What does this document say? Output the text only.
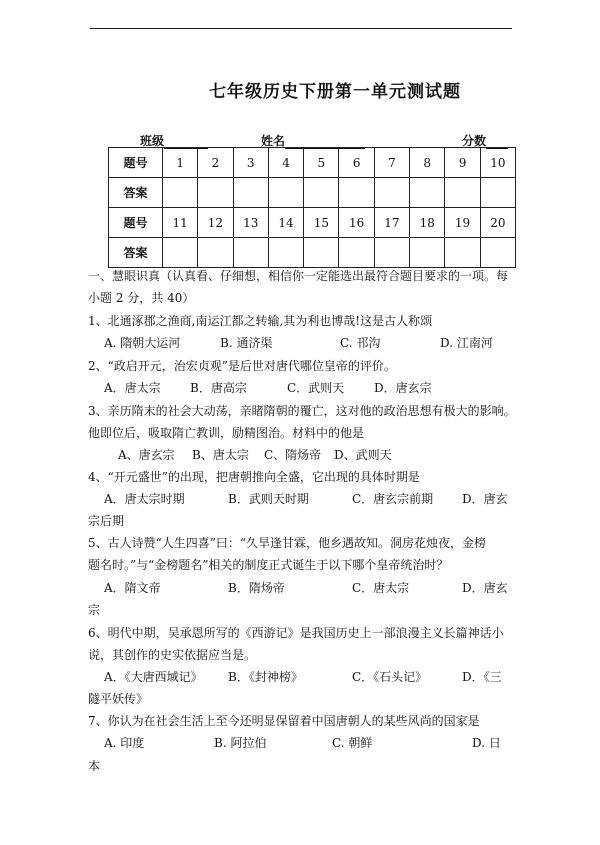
七年级历史下册第一单元测试题
班级	姓名	分数
题号	1	2	3	4	5	6	7	8	9	10
答案										
题号	11	12	13	14	15	16	17	18	19	20
答案										
一、慧眼识真（认真看、仔细想，相信你一定能选出最符合题目要求的一项。每
小题 2 分，共 40）
1、北通涿郡之渔商,南运江都之转输,其为利也博哉!这是古人称颂
A. 隋朝大运河	B. 通济渠	C. 邗沟	D. 江南河
2、“政启开元，治宏贞观”是后世对唐代哪位皇帝的评价。
A．唐太宗 B．唐高宗	C．武则天 D．唐玄宗
3、亲历隋末的社会大动荡，亲睹隋朝的覆亡，这对他的政治思想有极大的影响。
他即位后，吸取隋亡教训，励精图治。材料中的他是
A、唐玄宗 B、唐太宗 C、隋炀帝 D、武则天
4、“开元盛世”的出现，把唐朝推向全盛，它出现的具体时期是
A．唐太宗时期	B．武则天时期	C．唐玄宗前期 D．唐玄
宗后期
5、古人诗赞“人生四喜”曰：“久旱逢甘霖，他乡遇故知。洞房花烛夜，金榜
题名时。”与“金榜题名”相关的制度正式诞生于以下哪个皇帝统治时？
A．隋文帝	B．隋炀帝	C．唐太宗	D．唐玄
宗
6、明代中期，吴承恩所写的《西游记》是我国历史上一部浪漫主义长篇神话小
说，其创作的史实依据应当是。
A．《大唐西域记》 B．《封神榜》	C．《石头记》	D．《三
隧平妖传》
7、你认为在社会生活上至今还明显保留着中国唐朝人的某些风尚的国家是
A. 印度	B. 阿拉伯	C. 朝鲜	D. 日
本
